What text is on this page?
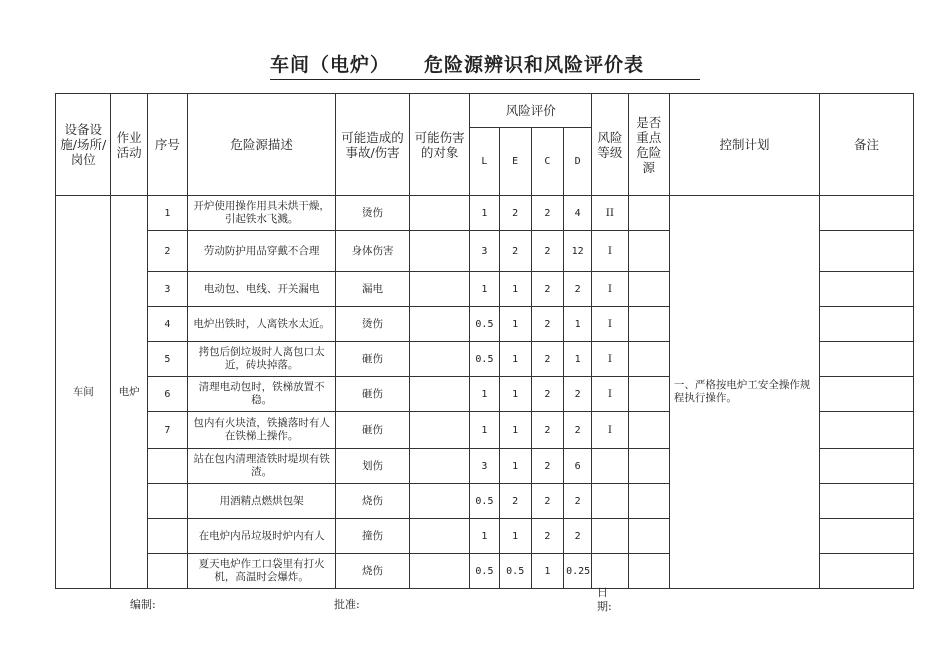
车间（电炉） 危险源辨识和风险评价表
设备设施/场所/岗位	作业活动	序号	危险源描述	可能造成的事故/伤害	可能伤害的对象	风险评价				风险等级	是否重点危险源	控制计划	备注
						L	E	C	D				
车间	电炉	1	开炉使用操作用具未烘干燥，引起铁水飞溅。	烫伤		1	2	2	4	II		一、严格按电炉工安全操作规程执行操作。	
		2	劳动防护用品穿戴不合理	身体伤害		3	2	2	12	I			
		3	电动包、电线、开关漏电	漏电		1	1	2	2	I			
		4	电炉出铁时，人离铁水太近。	烫伤		0.5	1	2	1	I			
		5	拷包后倒垃圾时人离包口太近，砖块掉落。	砸伤		0.5	1	2	1	I			
		6	清理电动包时，铁梯放置不稳。	砸伤		1	1	2	2	I			
		7	包内有火块渣，铁撬落时有人在铁梯上操作。	砸伤		1	1	2	2	I			
			站在包内清理渣铁时堤坝有铁渣。	划伤		3	1	2	6				
			用酒精点燃烘包架	烧伤		0.5	2	2	2				
			在电炉内吊垃圾时炉内有人	撞伤		1	1	2	2				
			夏天电炉作工口袋里有打火机，高温时会爆炸。	烧伤		0.5	0.5	1	0.25				
编制:	批准:
日期:
